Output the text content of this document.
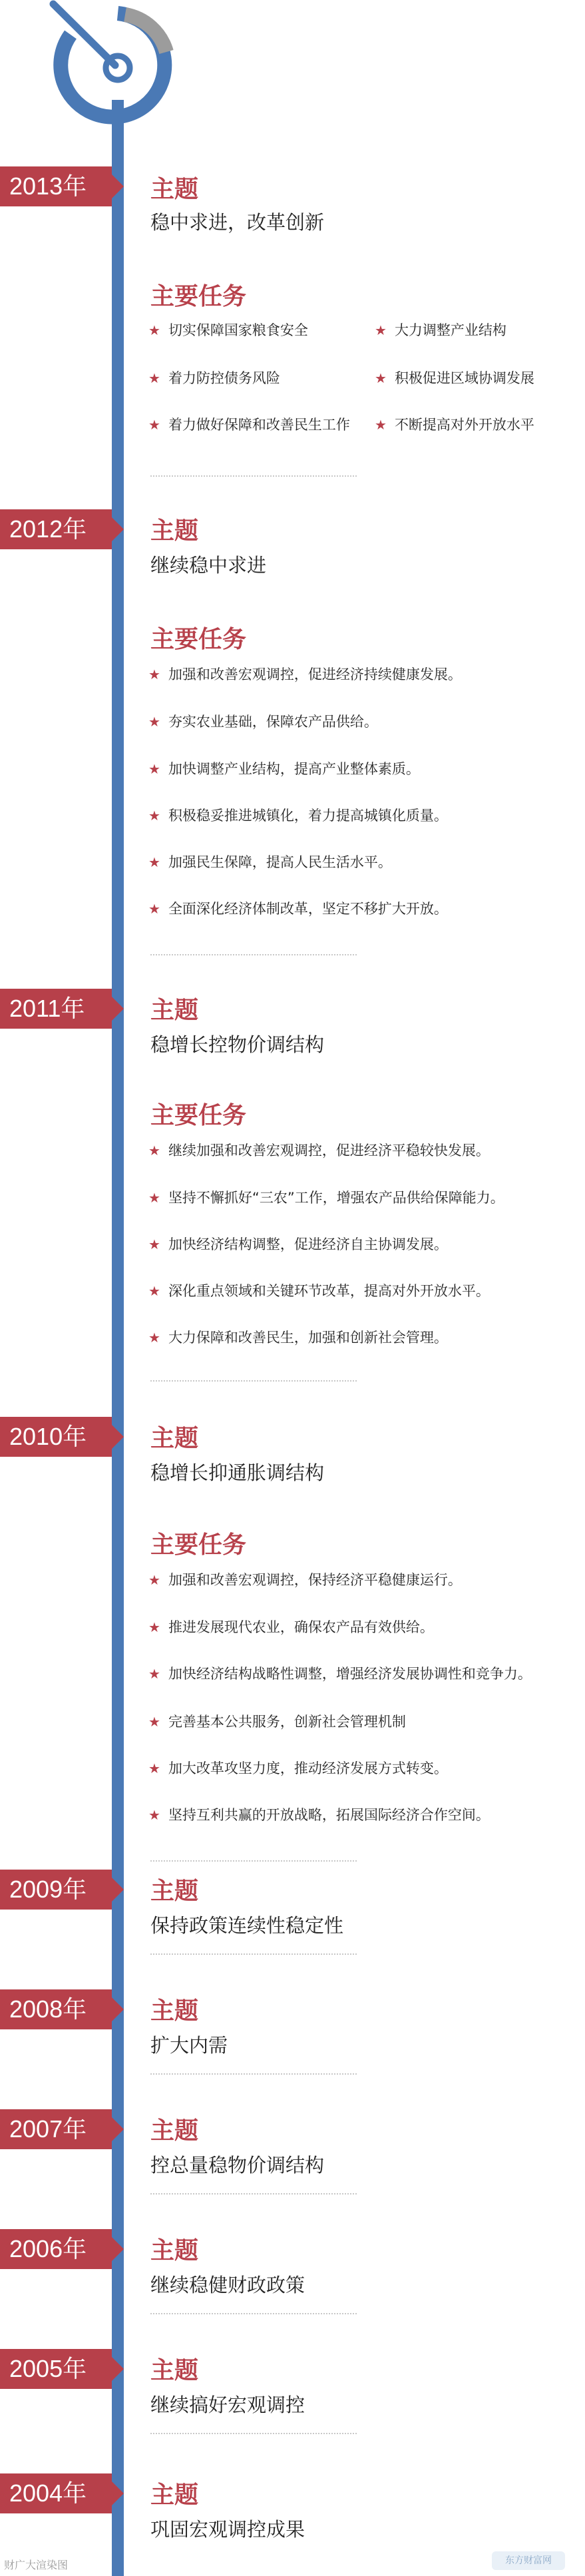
2013年	主题
稳中求进，改革创新
主要任务
★ 切实保障国家粮食安全	★ 大力调整产业结构
★ 着力防控债务风险	★ 积极促进区域协调发展
★ 着力做好保障和改善民生工作 ★ 不断提高对外开放水平
2012年	主题
继续稳中求进
主要任务
★ 加强和改善宏观调控，促进经济持续健康发展。
★ 夯实农业基础，保障农产品供给。
★ 加快调整产业结构，提高产业整体素质。
★ 积极稳妥推进城镇化，着力提高城镇化质量。
★ 加强民生保障，提高人民生活水平。
★ 全面深化经济体制改革，坚定不移扩大开放。
2011年	主题
稳增长控物价调结构
主要任务
★ 继续加强和改善宏观调控，促进经济平稳较快发展。
★ 坚持不懈抓好“三农”工作，增强农产品供给保障能力。
★ 加快经济结构调整，促进经济自主协调发展。
★ 深化重点领域和关键环节改革，提高对外开放水平。
★ 大力保障和改善民生，加强和创新社会管理。
2010年	主题
稳增长抑通胀调结构
主要任务
★ 加强和改善宏观调控，保持经济平稳健康运行。
★ 推进发展现代农业，确保农产品有效供给。
★ 加快经济结构战略性调整，增强经济发展协调性和竞争力。
★ 完善基本公共服务，创新社会管理机制
★ 加大改革攻坚力度，推动经济发展方式转变。
★ 坚持互利共赢的开放战略，拓展国际经济合作空间。
2009年	主题
保持政策连续性稳定性
2008年	主题
扩大内需
2007年	主题
控总量稳物价调结构
2006年	主题
继续稳健财政政策
2005年	主题
继续搞好宏观调控
2004年	主题
巩固宏观调控成果
财广大渲染图	东方财富网
